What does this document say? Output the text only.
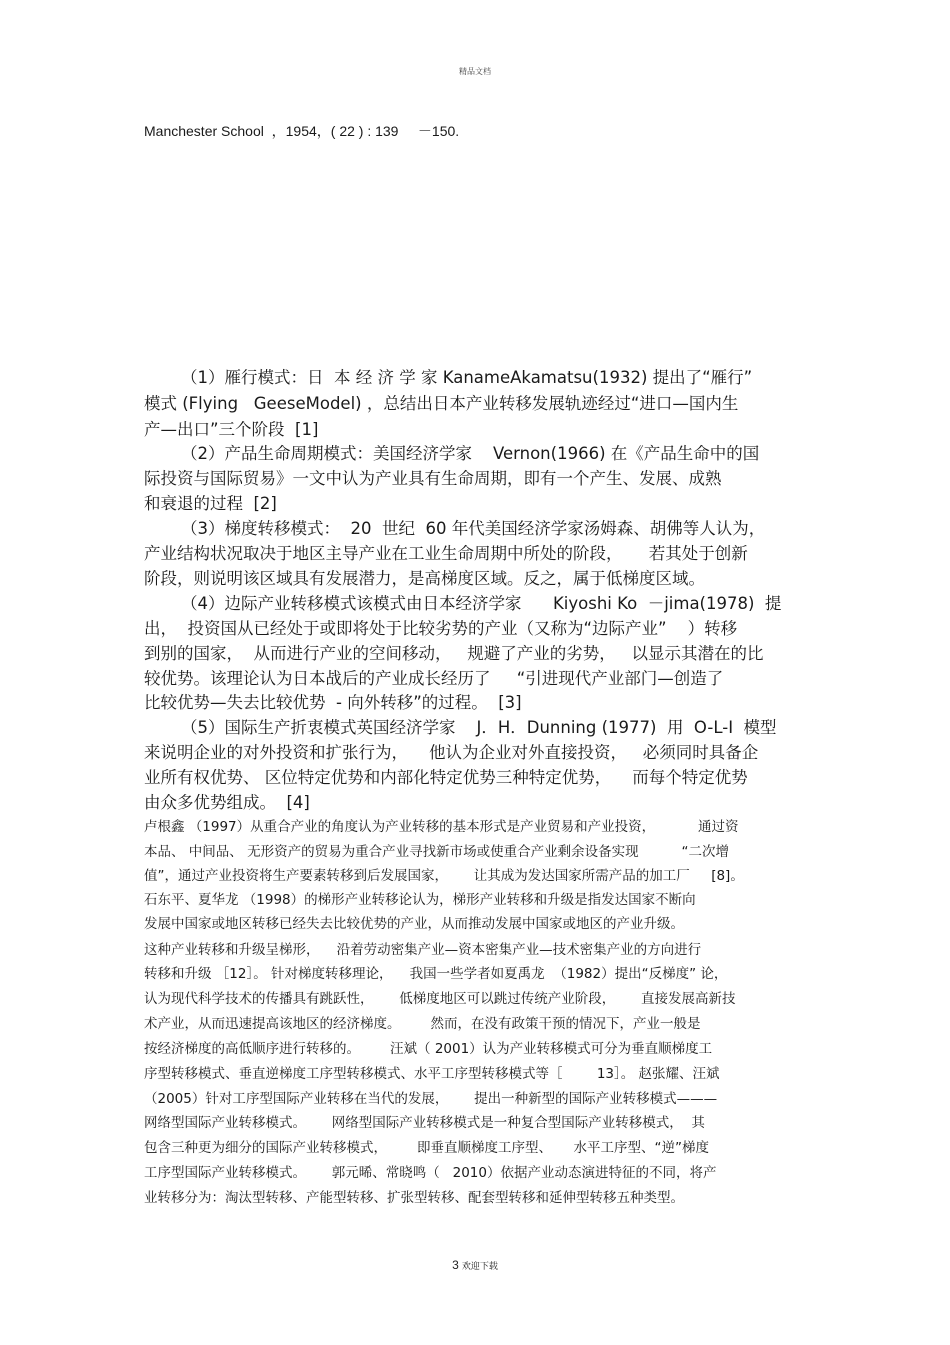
精品文档
Manchester School  ，1954，( 22 ) : 139     －150.
（1）雁行模式：日  本 经 济 学 家 KanameAkamatsu(1932) 提出了“雁行”
模式 (Flying   GeeseModel) ，总结出日本产业转移发展轨迹经过“进口—国内生
产—出口”三个阶段  [1]
（2）产品生命周期模式：美国经济学家    Vernon(1966) 在《产品生命中的国
际投资与国际贸易》一文中认为产业具有生命周期，即有一个产生、发展、成熟
和衰退的过程  [2]
（3）梯度转移模式：  20  世纪  60 年代美国经济学家汤姆森、胡佛等人认为，
产业结构状况取决于地区主导产业在工业生命周期中所处的阶段，     若其处于创新
阶段，则说明该区域具有发展潜力，是高梯度区域。反之，属于低梯度区域。
（4）边际产业转移模式该模式由日本经济学家      Kiyoshi Ko  －jima(1978)  提
出，  投资国从已经处于或即将处于比较劣势的产业（又称为“边际产业”    ）转移
到别的国家，  从而进行产业的空间移动，   规避了产业的劣势，   以显示其潜在的比
较优势。该理论认为日本战后的产业成长经历了     “引进现代产业部门—创造了
比较优势—失去比较优势  - 向外转移”的过程。  [3]
（5）国际生产折衷模式英国经济学家    J．H．Dunning (1977)  用  O-L-I  模型
来说明企业的对外投资和扩张行为，    他认为企业对外直接投资，   必须同时具备企
业所有权优势、 区位特定优势和内部化特定优势三种特定优势，    而每个特定优势
由众多优势组成。  [4]
卢根鑫 （1997）从重合产业的角度认为产业转移的基本形式是产业贸易和产业投资，          通过资
本品、 中间品、 无形资产的贸易为重合产业寻找新市场或使重合产业剩余设备实现          “二次增
值”，通过产业投资将生产要素转移到后发展国家，      让其成为发达国家所需产品的加工厂     [8]。
石东平、夏华龙 （1998）的梯形产业转移论认为，梯形产业转移和升级是指发达国家不断向
发展中国家或地区转移已经失去比较优势的产业，从而推动发展中国家或地区的产业升级。
这种产业转移和升级呈梯形，    沿着劳动密集产业—资本密集产业—技术密集产业的方向进行
转移和升级 ［12］。 针对梯度转移理论，    我国一些学者如夏禹龙  （1982）提出“反梯度” 论，
认为现代科学技术的传播具有跳跃性，      低梯度地区可以跳过传统产业阶段，      直接发展高新技
术产业，从而迅速提高该地区的经济梯度。       然而，在没有政策干预的情况下，产业一般是
按经济梯度的高低顺序进行转移的。       汪斌（ 2001）认为产业转移模式可分为垂直顺梯度工
序型转移模式、垂直逆梯度工序型转移模式、水平工序型转移模式等［        13］。 赵张耀、汪斌
（2005）针对工序型国际产业转移在当代的发展，      提出一种新型的国际产业转移模式———
网络型国际产业转移模式。      网络型国际产业转移模式是一种复合型国际产业转移模式，  其
包含三种更为细分的国际产业转移模式，       即垂直顺梯度工序型、     水平工序型、“逆”梯度
工序型国际产业转移模式。      郭元晞、常晓鸣（   2010）依据产业动态演进特征的不同，将产
业转移分为：淘汰型转移、产能型转移、扩张型转移、配套型转移和延伸型转移五种类型。
3 欢迎下载
